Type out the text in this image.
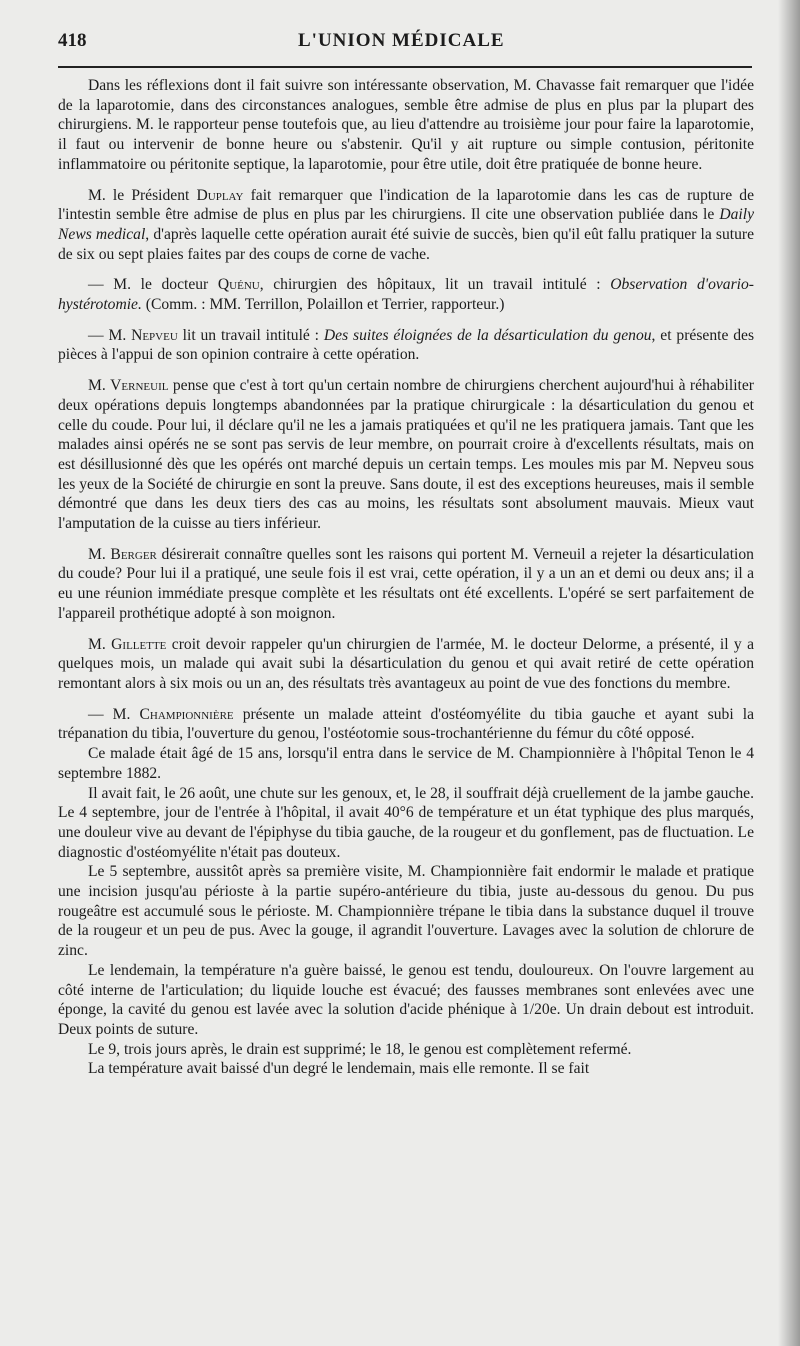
418	L'UNION MÉDICALE

Dans les réflexions dont il fait suivre son intéressante observation, M. Chavasse fait remarquer que l'idée de la laparotomie, dans des circonstances analogues, semble être admise de plus en plus par la plupart des chirurgiens. M. le rapporteur pense toutefois que, au lieu d'attendre au troisième jour pour faire la laparotomie, il faut ou intervenir de bonne heure ou s'abstenir. Qu'il y ait rupture ou simple contusion, péritonite inflammatoire ou péritonite septique, la laparotomie, pour être utile, doit être pratiquée de bonne heure.

M. le Président Duplay fait remarquer que l'indication de la laparotomie dans les cas de rupture de l'intestin semble être admise de plus en plus par les chirurgiens. Il cite une observation publiée dans le Daily News medical, d'après laquelle cette opération aurait été suivie de succès, bien qu'il eût fallu pratiquer la suture de six ou sept plaies faites par des coups de corne de vache.

— M. le docteur Quénu, chirurgien des hôpitaux, lit un travail intitulé : Observation d'ovario-hystérotomie. (Comm. : MM. Terrillon, Polaillon et Terrier, rapporteur.)

— M. Nepveu lit un travail intitulé : Des suites éloignées de la désarticulation du genou, et présente des pièces à l'appui de son opinion contraire à cette opération.

M. Verneuil pense que c'est à tort qu'un certain nombre de chirurgiens cherchent aujourd'hui à réhabiliter deux opérations depuis longtemps abandonnées par la pratique chirurgicale : la désarticulation du genou et celle du coude. Pour lui, il déclare qu'il ne les a jamais pratiquées et qu'il ne les pratiquera jamais. Tant que les malades ainsi opérés ne se sont pas servis de leur membre, on pourrait croire à d'excellents résultats, mais on est désillusionné dès que les opérés ont marché depuis un certain temps. Les moules mis par M. Nepveu sous les yeux de la Société de chirurgie en sont la preuve. Sans doute, il est des exceptions heureuses, mais il semble démontré que dans les deux tiers des cas au moins, les résultats sont absolument mauvais. Mieux vaut l'amputation de la cuisse au tiers inférieur.

M. Berger désirerait connaître quelles sont les raisons qui portent M. Verneuil a rejeter la désarticulation du coude? Pour lui il a pratiqué, une seule fois il est vrai, cette opération, il y a un an et demi ou deux ans; il a eu une réunion immédiate presque complète et les résultats ont été excellents. L'opéré se sert parfaitement de l'appareil prothétique adopté à son moignon.

M. Gillette croit devoir rappeler qu'un chirurgien de l'armée, M. le docteur Delorme, a présenté, il y a quelques mois, un malade qui avait subi la désarticulation du genou et qui avait retiré de cette opération remontant alors à six mois ou un an, des résultats très avantageux au point de vue des fonctions du membre.

— M. Championnière présente un malade atteint d'ostéomyélite du tibia gauche et ayant subi la trépanation du tibia, l'ouverture du genou, l'ostéotomie sous-trochantérienne du fémur du côté opposé.

Ce malade était âgé de 15 ans, lorsqu'il entra dans le service de M. Championnière à l'hôpital Tenon le 4 septembre 1882.

Il avait fait, le 26 août, une chute sur les genoux, et, le 28, il souffrait déjà cruellement de la jambe gauche. Le 4 septembre, jour de l'entrée à l'hôpital, il avait 40°6 de température et un état typhique des plus marqués, une douleur vive au devant de l'épiphyse du tibia gauche, de la rougeur et du gonflement, pas de fluctuation. Le diagnostic d'ostéomyélite n'était pas douteux.

Le 5 septembre, aussitôt après sa première visite, M. Championnière fait endormir le malade et pratique une incision jusqu'au périoste à la partie supéro-antérieure du tibia, juste au-dessous du genou. Du pus rougeâtre est accumulé sous le périoste. M. Championnière trépane le tibia dans la substance duquel il trouve de la rougeur et un peu de pus. Avec la gouge, il agrandit l'ouverture. Lavages avec la solution de chlorure de zinc.

Le lendemain, la température n'a guère baissé, le genou est tendu, douloureux. On l'ouvre largement au côté interne de l'articulation; du liquide louche est évacué; des fausses membranes sont enlevées avec une éponge, la cavité du genou est lavée avec la solution d'acide phénique à 1/20e. Un drain debout est introduit. Deux points de suture.

Le 9, trois jours après, le drain est supprimé; le 18, le genou est complètement refermé.

La température avait baissé d'un degré le lendemain, mais elle remonte. Il se fait
